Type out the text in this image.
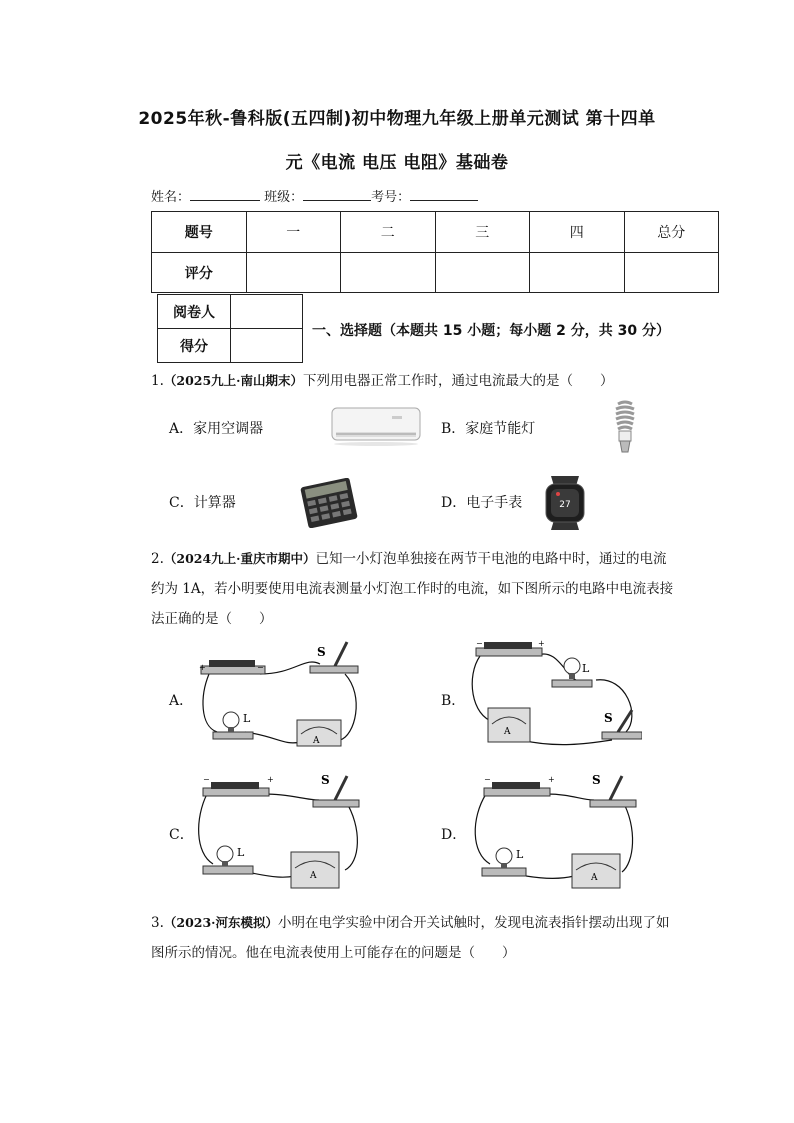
2025年秋-鲁科版(五四制)初中物理九年级上册单元测试 第十四单
元《电流 电压 电阻》基础卷
姓名：	班级：	考号：
题号	一	二	三	四	总分
评分					
阅卷人	
得分	
一、选择题（本题共 15 小题；每小题 2 分，共 30 分）
1.（2025九上·南山期末）下列用电器正常工作时，通过电流最大的是（　　）
A．家用空调器	B．家庭节能灯
C．计算器	D．电子手表	27
2.（2024九上·重庆市期中）已知一小灯泡单独接在两节干电池的电路中时，通过的电流
约为 1A，若小明要使用电流表测量小灯泡工作时的电流，如下图所示的电路中电流表接
法正确的是（　　）
A．	B．
C．	D．
+	−
S
L
A
−	+
L
A
S
−	+	S
L
A
−	+	S
L
A
3.（2023·河东模拟）小明在电学实验中闭合开关试触时，发现电流表指针摆动出现了如
图所示的情况。他在电流表使用上可能存在的问题是（　　）
